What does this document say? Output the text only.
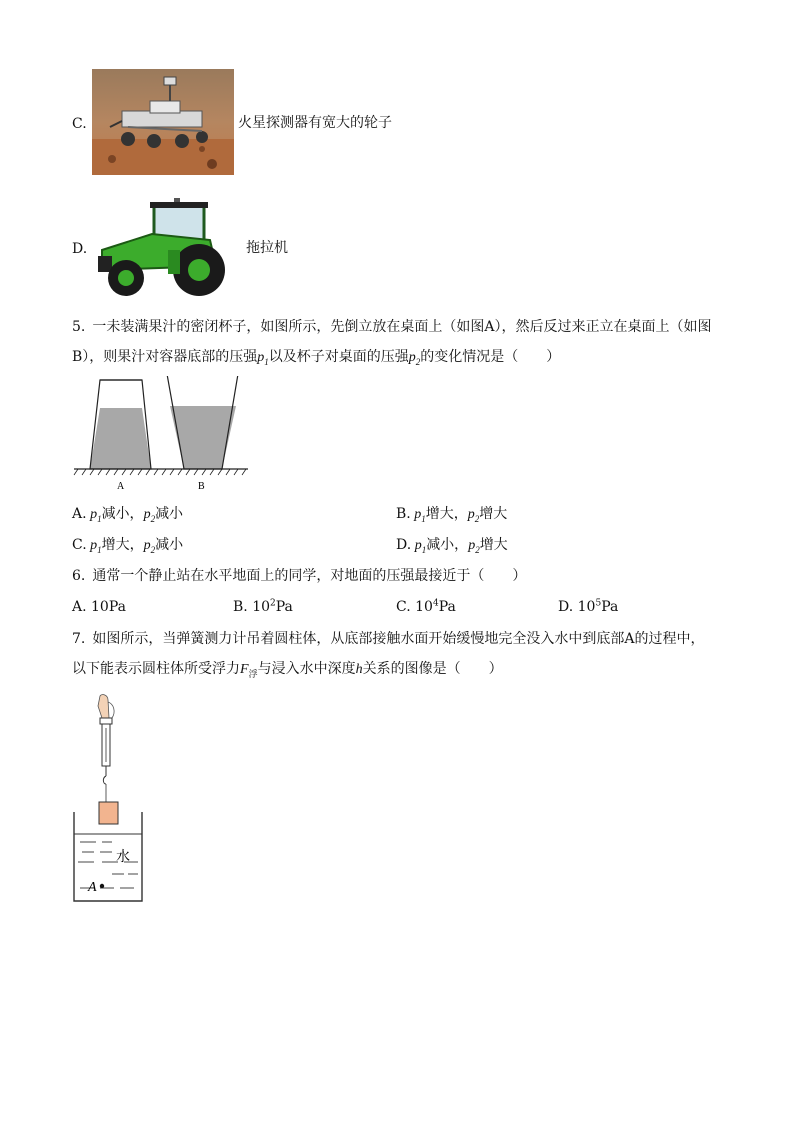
C.	火星探测器有宽大的轮子
D.	拖拉机
5.  一未装满果汁的密闭杯子，如图所示，先倒立放在桌面上（如图A），然后反过来正立在桌面上（如图
B），则果汁对容器底部的压强$p_1$以及杯子对桌面的压强$p_2$的变化情况是（　　）
A	B
A. $p_1$减小，$p_2$减小	B. $p_1$增大，$p_2$增大
C. $p_1$增大，$p_2$减小	D. $p_1$减小，$p_2$增大
6.  通常一个静止站在水平地面上的同学，对地面的压强最接近于（　　）
A. 10Pa	B. $10^2Pa$	C. $10^4Pa$	D. $10^5Pa$
7.  如图所示，当弹簧测力计吊着圆柱体，从底部接触水面开始缓慢地完全没入水中到底部A的过程中，
以下能表示圆柱体所受浮力$F_浮$与浸入水中深度h关系的图像是（　　）
水
A
